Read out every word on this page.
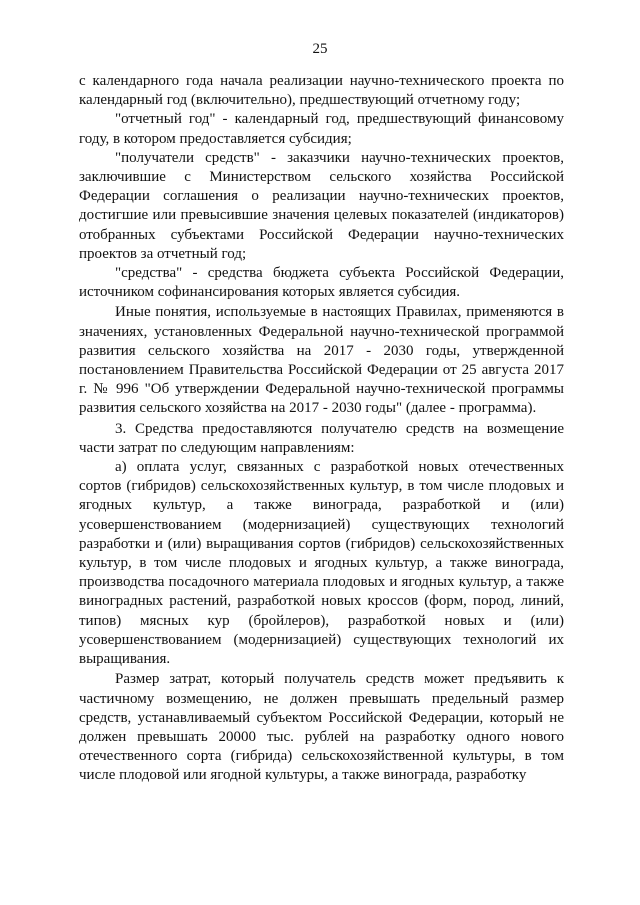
25

с календарного года начала реализации научно-технического проекта по календарный год (включительно), предшествующий отчетному году;

"отчетный год" - календарный год, предшествующий финансовому году, в котором предоставляется субсидия;

"получатели средств" - заказчики научно-технических проектов, заключившие с Министерством сельского хозяйства Российской Федерации соглашения о реализации научно-технических проектов, достигшие или превысившие значения целевых показателей (индикаторов) отобранных субъектами Российской Федерации научно-технических проектов за отчетный год;

"средства" - средства бюджета субъекта Российской Федерации, источником софинансирования которых является субсидия.

Иные понятия, используемые в настоящих Правилах, применяются в значениях, установленных Федеральной научно-технической программой развития сельского хозяйства на 2017 - 2030 годы, утвержденной постановлением Правительства Российской Федерации от 25 августа 2017 г. № 996 "Об утверждении Федеральной научно-технической программы развития сельского хозяйства на 2017 - 2030 годы" (далее - программа).

3. Средства предоставляются получателю средств на возмещение части затрат по следующим направлениям:

а) оплата услуг, связанных с разработкой новых отечественных сортов (гибридов) сельскохозяйственных культур, в том числе плодовых и ягодных культур, а также винограда, разработкой и (или) усовершенствованием (модернизацией) существующих технологий разработки и (или) выращивания сортов (гибридов) сельскохозяйственных культур, в том числе плодовых и ягодных культур, а также винограда, производства посадочного материала плодовых и ягодных культур, а также виноградных растений, разработкой новых кроссов (форм, пород, линий, типов) мясных кур (бройлеров), разработкой новых и (или) усовершенствованием (модернизацией) существующих технологий их выращивания.

Размер затрат, который получатель средств может предъявить к частичному возмещению, не должен превышать предельный размер средств, устанавливаемый субъектом Российской Федерации, который не должен превышать 20000 тыс. рублей на разработку одного нового отечественного сорта (гибрида) сельскохозяйственной культуры, в том числе плодовой или ягодной культуры, а также винограда, разработку
